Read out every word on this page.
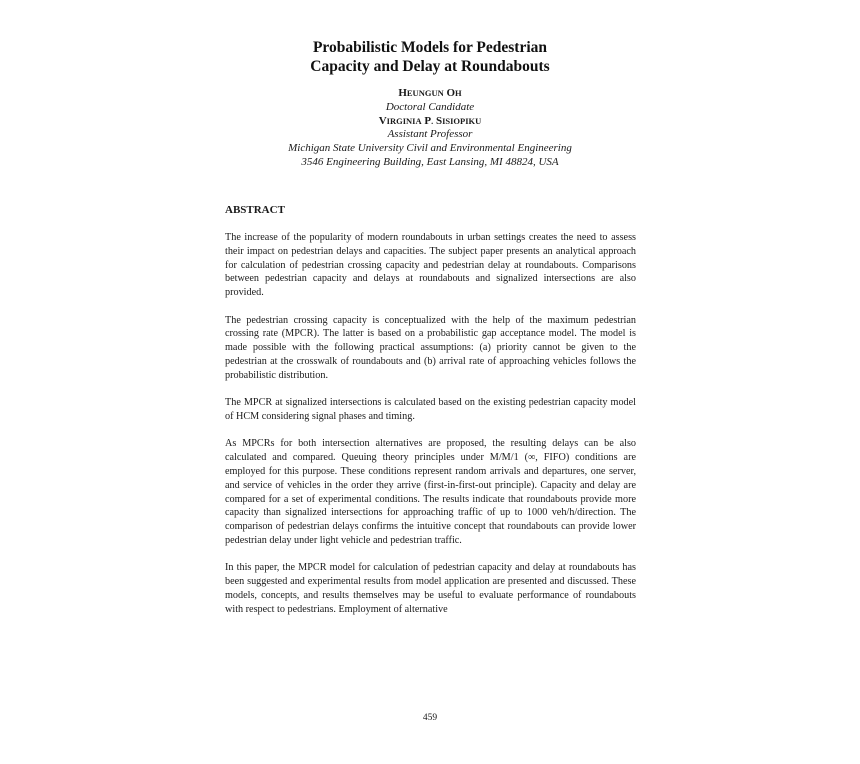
Probabilistic Models for Pedestrian
Capacity and Delay at Roundabouts
HEUNGUN OH
Doctoral Candidate
VIRGINIA P. SISIOPIKU
Assistant Professor
Michigan State University Civil and Environmental Engineering
3546 Engineering Building, East Lansing, MI 48824, USA
ABSTRACT

The increase of the popularity of modern roundabouts in urban settings creates the need to assess their impact on pedestrian delays and capacities. The subject paper presents an analytical approach for calculation of pedestrian crossing capacity and pedestrian delay at roundabouts. Comparisons between pedestrian capacity and delays at roundabouts and signalized intersections are also provided.

The pedestrian crossing capacity is conceptualized with the help of the maximum pedestrian crossing rate (MPCR). The latter is based on a probabilistic gap acceptance model. The model is made possible with the following practical assumptions: (a) priority cannot be given to the pedestrian at the crosswalk of roundabouts and (b) arrival rate of approaching vehicles follows the probabilistic distribution.

The MPCR at signalized intersections is calculated based on the existing pedestrian capacity model of HCM considering signal phases and timing.

As MPCRs for both intersection alternatives are proposed, the resulting delays can be also calculated and compared. Queuing theory principles under M/M/1 (∞, FIFO) conditions are employed for this purpose. These conditions represent random arrivals and departures, one server, and service of vehicles in the order they arrive (first-in-first-out principle). Capacity and delay are compared for a set of experimental conditions. The results indicate that roundabouts provide more capacity than signalized intersections for approaching traffic of up to 1000 veh/h/direction. The comparison of pedestrian delays confirms the intuitive concept that roundabouts can provide lower pedestrian delay under light vehicle and pedestrian traffic.

In this paper, the MPCR model for calculation of pedestrian capacity and delay at roundabouts has been suggested and experimental results from model application are presented and discussed. These models, concepts, and results themselves may be useful to evaluate performance of roundabouts with respect to pedestrians. Employment of alternative

459
